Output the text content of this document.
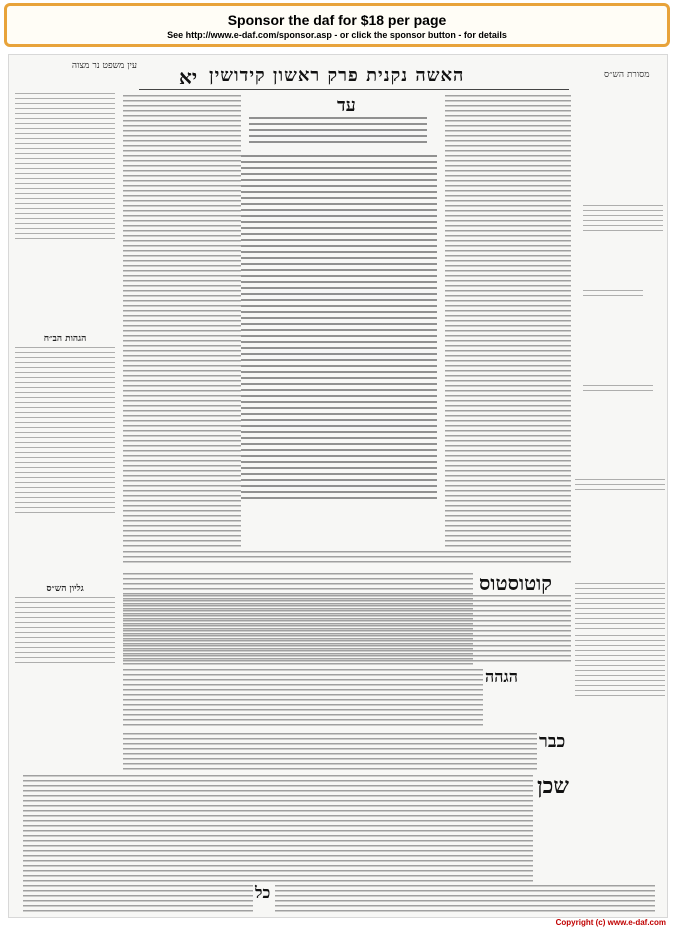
Sponsor the daf for $18 per page
See http://www.e-daf.com/sponsor.asp - or click the sponsor button - for details
עין משפט נר מצוה יא האשה נקנית פרק ראשון קידושין	מסורת הש״ס
הגהות הב״ח
גליון הש״ס
עד
קוטוסטוס
הגהה
כבר
שכן
כל
Copyright (c) www.e-daf.com
